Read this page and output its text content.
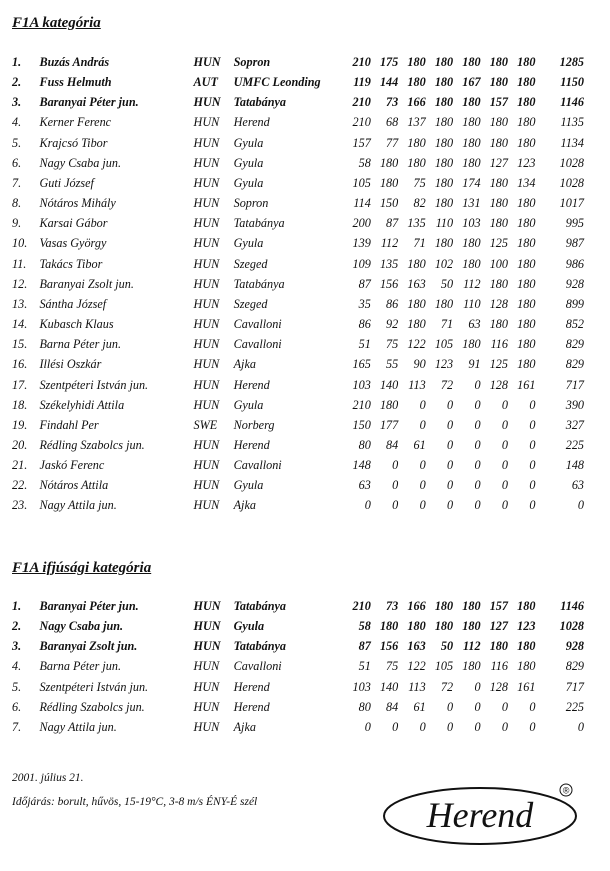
F1A kategória
1.	Buzás András	HUN	Sopron	210	175	180	180	180	180	180	1285
2.	Fuss Helmuth	AUT	UMFC Leonding	119	144	180	180	167	180	180	1150
3.	Baranyai Péter jun.	HUN	Tatabánya	210	73	166	180	180	157	180	1146
4.	Kerner Ferenc	HUN	Herend	210	68	137	180	180	180	180	1135
5.	Krajcsó Tibor	HUN	Gyula	157	77	180	180	180	180	180	1134
6.	Nagy Csaba jun.	HUN	Gyula	58	180	180	180	180	127	123	1028
7.	Guti József	HUN	Gyula	105	180	75	180	174	180	134	1028
8.	Nótáros Mihály	HUN	Sopron	114	150	82	180	131	180	180	1017
9.	Karsai Gábor	HUN	Tatabánya	200	87	135	110	103	180	180	995
10.	Vasas György	HUN	Gyula	139	112	71	180	180	125	180	987
11.	Takács Tibor	HUN	Szeged	109	135	180	102	180	100	180	986
12.	Baranyai Zsolt jun.	HUN	Tatabánya	87	156	163	50	112	180	180	928
13.	Sántha József	HUN	Szeged	35	86	180	180	110	128	180	899
14.	Kubasch Klaus	HUN	Cavalloni	86	92	180	71	63	180	180	852
15.	Barna Péter jun.	HUN	Cavalloni	51	75	122	105	180	116	180	829
16.	Illési Oszkár	HUN	Ajka	165	55	90	123	91	125	180	829
17.	Szentpéteri István jun.	HUN	Herend	103	140	113	72	0	128	161	717
18.	Székelyhidi Attila	HUN	Gyula	210	180	0	0	0	0	0	390
19.	Findahl Per	SWE	Norberg	150	177	0	0	0	0	0	327
20.	Rédling Szabolcs jun.	HUN	Herend	80	84	61	0	0	0	0	225
21.	Jaskó Ferenc	HUN	Cavalloni	148	0	0	0	0	0	0	148
22.	Nótáros Attila	HUN	Gyula	63	0	0	0	0	0	0	63
23.	Nagy Attila jun.	HUN	Ajka	0	0	0	0	0	0	0	0
F1A ifjúsági kategória
1.	Baranyai Péter jun.	HUN	Tatabánya	210	73	166	180	180	157	180	1146
2.	Nagy Csaba jun.	HUN	Gyula	58	180	180	180	180	127	123	1028
3.	Baranyai Zsolt jun.	HUN	Tatabánya	87	156	163	50	112	180	180	928
4.	Barna Péter jun.	HUN	Cavalloni	51	75	122	105	180	116	180	829
5.	Szentpéteri István jun.	HUN	Herend	103	140	113	72	0	128	161	717
6.	Rédling Szabolcs jun.	HUN	Herend	80	84	61	0	0	0	0	225
7.	Nagy Attila jun.	HUN	Ajka	0	0	0	0	0	0	0	0
2001. július 21.
Időjárás: borult, hűvös, 15-19°C, 3-8 m/s ÉNY-É szél	Herend
®
